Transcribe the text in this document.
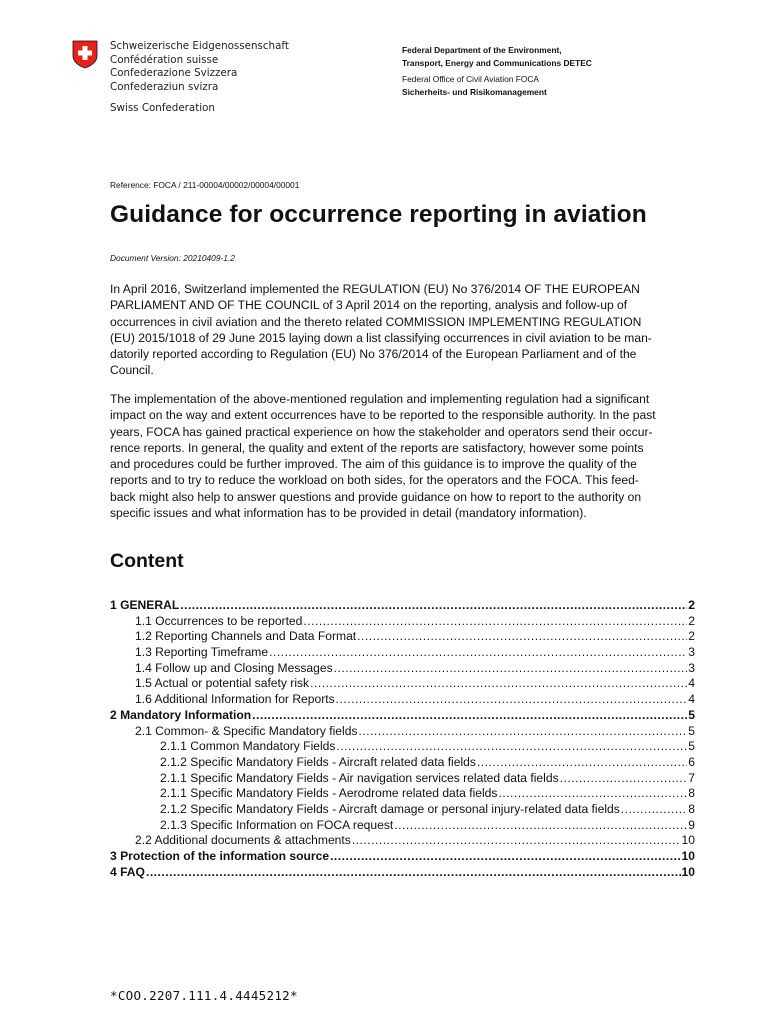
Schweizerische Eidgenossenschaft
Confédération suisse
Confederazione Svizzera
Confederaziun svizra
Swiss Confederation
Federal Department of the Environment,
Transport, Energy and Communications DETEC
Federal Office of Civil Aviation FOCA
Sicherheits- und Risikomanagement
Reference: FOCA / 211-00004/00002/00004/00001
Guidance for occurrence reporting in aviation
Document Version: 20210409-1.2
In April 2016, Switzerland implemented the REGULATION (EU) No 376/2014 OF THE EUROPEAN
PARLIAMENT AND OF THE COUNCIL of 3 April 2014 on the reporting, analysis and follow-up of
occurrences in civil aviation and the thereto related COMMISSION IMPLEMENTING REGULATION
(EU) 2015/1018 of 29 June 2015 laying down a list classifying occurrences in civil aviation to be man-
datorily reported according to Regulation (EU) No 376/2014 of the European Parliament and of the
Council.
The implementation of the above-mentioned regulation and implementing regulation had a significant
impact on the way and extent occurrences have to be reported to the responsible authority. In the past
years, FOCA has gained practical experience on how the stakeholder and operators send their occur-
rence reports. In general, the quality and extent of the reports are satisfactory, however some points
and procedures could be further improved. The aim of this guidance is to improve the quality of the
reports and to try to reduce the workload on both sides, for the operators and the FOCA. This feed-
back might also help to answer questions and provide guidance on how to report to the authority on
specific issues and what information has to be provided in detail (mandatory information).
Content
1 GENERAL .....	2
1.1 Occurrences to be reported .....	2
1.2 Reporting Channels and Data Format .....	2
1.3 Reporting Timeframe .....	3
1.4 Follow up and Closing Messages .....	3
1.5 Actual or potential safety risk .....	4
1.6 Additional Information for Reports .....	4
2 Mandatory Information .....	5
2.1 Common- & Specific Mandatory fields .....	5
2.1.1 Common Mandatory Fields .....	5
2.1.2 Specific Mandatory Fields - Aircraft related data fields .....	6
2.1.1 Specific Mandatory Fields - Air navigation services related data fields .....	7
2.1.1 Specific Mandatory Fields - Aerodrome related data fields .....	8
2.1.2 Specific Mandatory Fields - Aircraft damage or personal injury-related data fields .....	8
2.1.3 Specific Information on FOCA request .....	9
2.2 Additional documents & attachments .....	10
3 Protection of the information source .....	10
4 FAQ .....	10
*COO.2207.111.4.4445212*
